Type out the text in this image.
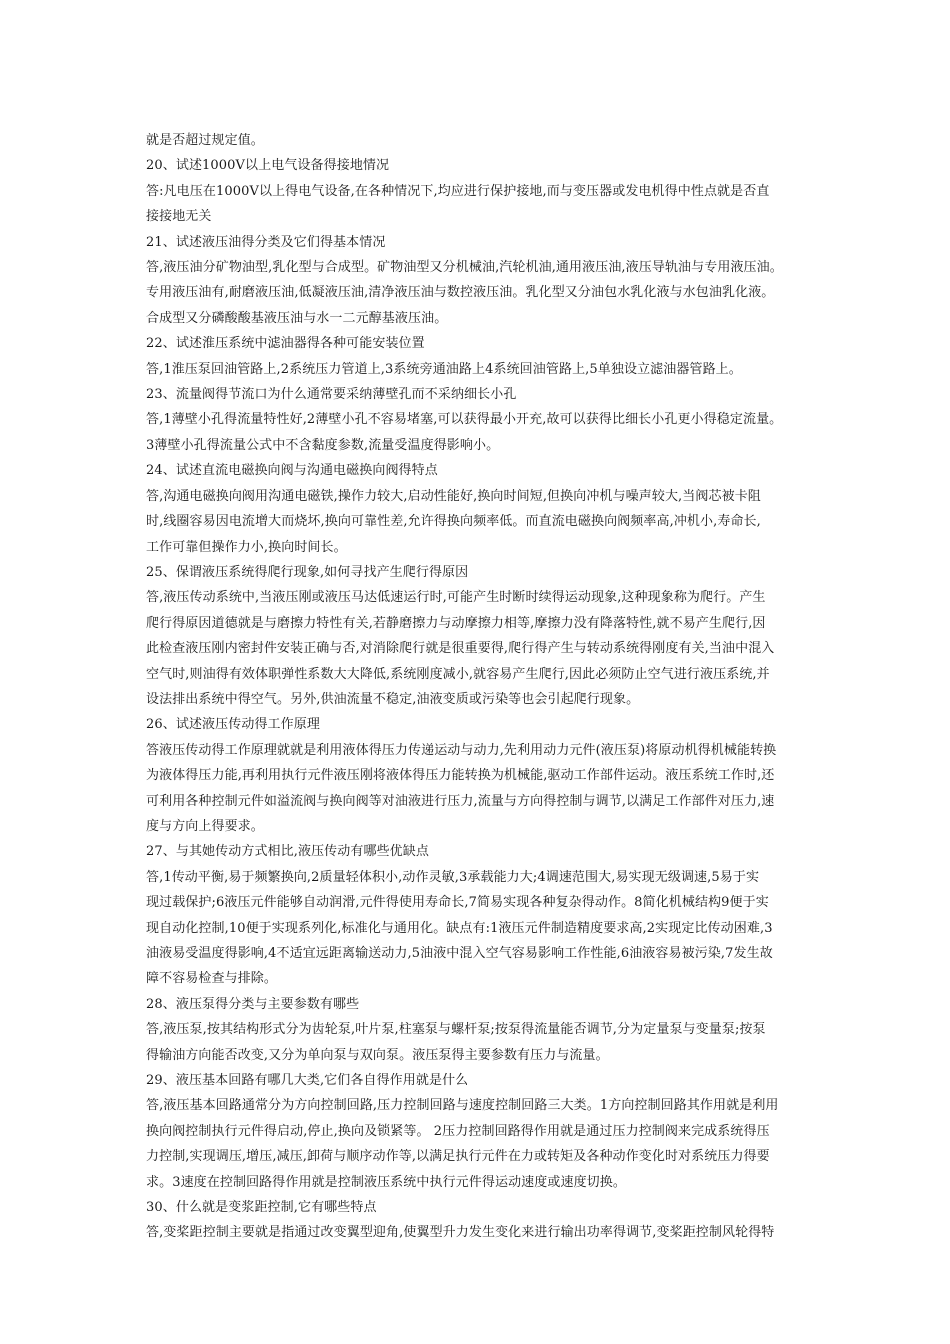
就是否超过规定值。

20、试述1000V以上电气设备得接地情况

答:凡电压在1000V以上得电气设备,在各种情况下,均应进行保护接地,而与变压器或发电机得中性点就是否直

接接地无关

21、试述液压油得分类及它们得基本情况

答,液压油分矿物油型,乳化型与合成型。矿物油型又分机械油,汽轮机油,通用液压油,液压导轨油与专用液压油。

专用液压油有,耐磨液压油,低凝液压油,清净液压油与数控液压油。乳化型又分油包水乳化液与水包油乳化液。

合成型又分磷酸酸基液压油与水一二元醇基液压油。

22、试述淮压系统中滤油器得各种可能安装位置

答,1淮压泵回油管路上,2系统压力管道上,3系统旁通油路上4系统回油管路上,5单独设立滤油器管路上。

23、流量阀得节流口为什么通常要采纳薄壁孔而不采纳细长小孔

答,1薄壁小孔得流量特性好,2薄壁小孔不容易堵塞,可以获得最小开充,故可以获得比细长小孔更小得稳定流量。

3薄壁小孔得流量公式中不含黏度参数,流量受温度得影响小。

24、试述直流电磁换向阀与沟通电磁换向阀得特点

答,沟通电磁换向阀用沟通电磁铁,操作力较大,启动性能好,换向时间短,但换向冲机与噪声较大,当阀芯被卡阻

时,线圈容易因电流增大而烧坏,换向可靠性差,允许得换向频率低。而直流电磁换向阀频率高,冲机小,寿命长,

工作可靠但操作力小,换向时间长。

25、保谓液压系统得爬行现象,如何寻找产生爬行得原因

答,液压传动系统中,当液压刚或液压马达低速运行时,可能产生时断时续得运动现象,这种现象称为爬行。产生

爬行得原因道德就是与磨擦力特性有关,若静磨擦力与动摩擦力相等,摩擦力没有降落特性,就不易产生爬行,因

此检查液压刚内密封件安装正确与否,对消除爬行就是很重要得,爬行得产生与转动系统得刚度有关,当油中混入

空气时,则油得有效体职弹性系数大大降低,系统刚度减小,就容易产生爬行,因此必须防止空气进行液压系统,并

设法排出系统中得空气。另外,供油流量不稳定,油液变质或污染等也会引起爬行现象。

26、试述液压传动得工作原理

答液压传动得工作原理就就是利用液体得压力传递运动与动力,先利用动力元件(液压泵)将原动机得机械能转换

为液体得压力能,再利用执行元件液压刚将液体得压力能转换为机械能,驱动工作部件运动。液压系统工作时,还

可利用各种控制元件如溢流阀与换向阀等对油液进行压力,流量与方向得控制与调节,以满足工作部件对压力,速

度与方向上得要求。

27、与其她传动方式相比,液压传动有哪些优缺点

答,1传动平衡,易于频繁换向,2质量轻体积小,动作灵敏,3承载能力大;4调速范围大,易实现无级调速,5易于实

现过载保护;6液压元件能够自动润滑,元件得使用寿命长,7简易实现各种复杂得动作。8简化机械结构9便于实

现自动化控制,10便于实现系列化,标准化与通用化。缺点有:1液压元件制造精度要求高,2实现定比传动困难,3

油液易受温度得影响,4不适宜远距离输送动力,5油液中混入空气容易影响工作性能,6油液容易被污染,7发生故

障不容易检查与排除。

28、液压泵得分类与主要参数有哪些

答,液压泵,按其结构形式分为齿轮泵,叶片泵,柱塞泵与螺杆泵;按泵得流量能否调节,分为定量泵与变量泵;按泵

得输油方向能否改变,又分为单向泵与双向泵。液压泵得主要参数有压力与流量。

29、液压基本回路有哪几大类,它们各自得作用就是什么

答,液压基本回路通常分为方向控制回路,压力控制回路与速度控制回路三大类。1方向控制回路其作用就是利用

换向阀控制执行元件得启动,停止,换向及锁紧等。 2压力控制回路得作用就是通过压力控制阀来完成系统得压

力控制,实现调压,增压,减压,卸荷与顺序动作等,以满足执行元件在力或转矩及各种动作变化时对系统压力得要

求。3速度在控制回路得作用就是控制液压系统中执行元件得运动速度或速度切换。

30、什么就是变浆距控制,它有哪些特点

答,变桨距控制主要就是指通过改变翼型迎角,使翼型升力发生变化来进行输出功率得调节,变桨距控制风轮得特
